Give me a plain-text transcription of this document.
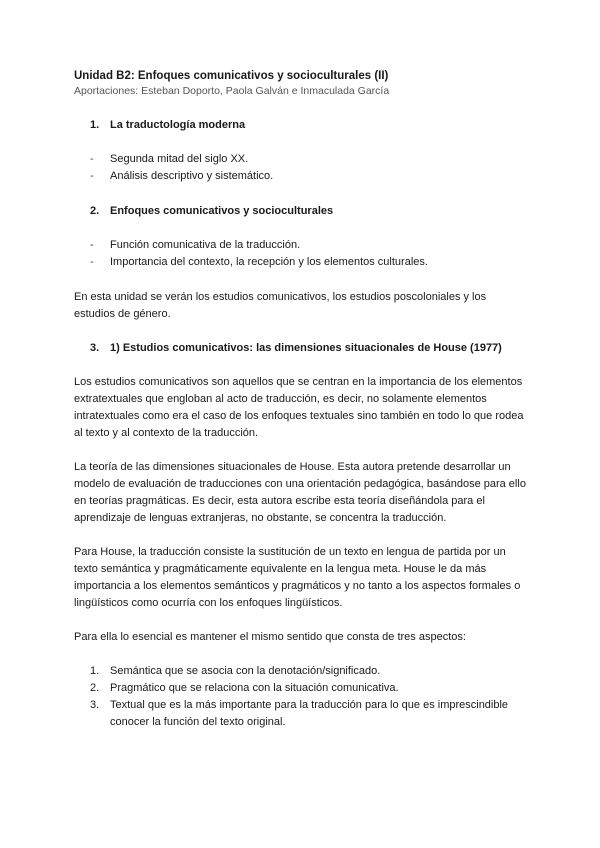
Unidad B2: Enfoques comunicativos y socioculturales (II)

Aportaciones: Esteban Doporto, Paola Galván e Inmaculada García

1. La traductología moderna
-	Segunda mitad del siglo XX.
-	Análisis descriptivo y sistemático.
2. Enfoques comunicativos y socioculturales
-	Función comunicativa de la traducción.
-	Importancia del contexto, la recepción y los elementos culturales.

En esta unidad se verán los estudios comunicativos, los estudios poscoloniales y los estudios de género.

3. 1) Estudios comunicativos: las dimensiones situacionales de House (1977)

Los estudios comunicativos son aquellos que se centran en la importancia de los elementos extratextuales que engloban al acto de traducción, es decir, no solamente elementos intratextuales como era el caso de los enfoques textuales sino también en todo lo que rodea al texto y al contexto de la traducción.

La teoría de las dimensiones situacionales de House. Esta autora pretende desarrollar un modelo de evaluación de traducciones con una orientación pedagógica, basándose para ello en teorías pragmáticas. Es decir, esta autora escribe esta teoría diseñándola para el aprendizaje de lenguas extranjeras, no obstante, se concentra la traducción.

Para House, la traducción consiste la sustitución de un texto en lengua de partida por un texto semántica y pragmáticamente equivalente en la lengua meta. House le da más importancia a los elementos semánticos y pragmáticos y no tanto a los aspectos formales o lingüísticos como ocurría con los enfoques lingüísticos.

Para ella lo esencial es mantener el mismo sentido que consta de tres aspectos:

1. Semántica que se asocia con la denotación/significado.
2. Pragmático que se relaciona con la situación comunicativa.
3. Textual que es la más importante para la traducción para lo que es imprescindible conocer la función del texto original.
